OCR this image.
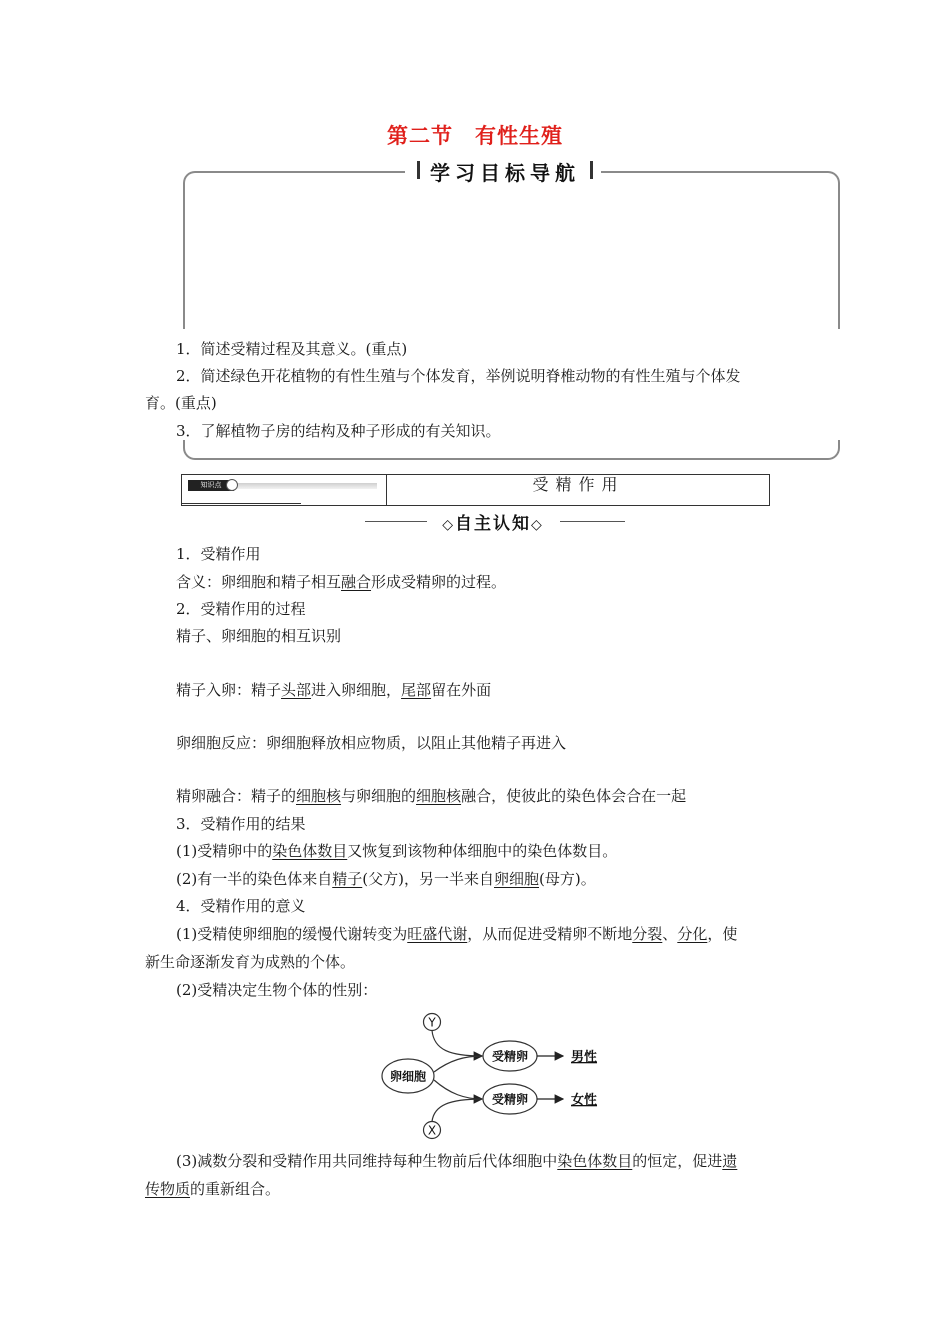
第二节　有性生殖
学习目标导航
1．简述受精过程及其意义。(重点)
2．简述绿色开花植物的有性生殖与个体发育，举例说明脊椎动物的有性生殖与个体发
育。(重点)
3．了解植物子房的结构及种子形成的有关知识。
知识点	受精作用
◇自主认知◇
1．受精作用
含义：卵细胞和精子相互融合形成受精卵的过程。
2．受精作用的过程
精子、卵细胞的相互识别
精子入卵：精子头部进入卵细胞，尾部留在外面
卵细胞反应：卵细胞释放相应物质，以阻止其他精子再进入
精卵融合：精子的细胞核与卵细胞的细胞核融合，使彼此的染色体会合在一起
3．受精作用的结果
(1)受精卵中的染色体数目又恢复到该物种体细胞中的染色体数目。
(2)有一半的染色体来自精子(父方)，另一半来自卵细胞(母方)。
4．受精作用的意义
(1)受精使卵细胞的缓慢代谢转变为旺盛代谢，从而促进受精卵不断地分裂、分化，使
新生命逐渐发育为成熟的个体。
(2)受精决定生物个体的性别：
Y
X
卵细胞
受精卵
受精卵
男性
女性
(3)减数分裂和受精作用共同维持每种生物前后代体细胞中染色体数目的恒定，促进遗
传物质的重新组合。
